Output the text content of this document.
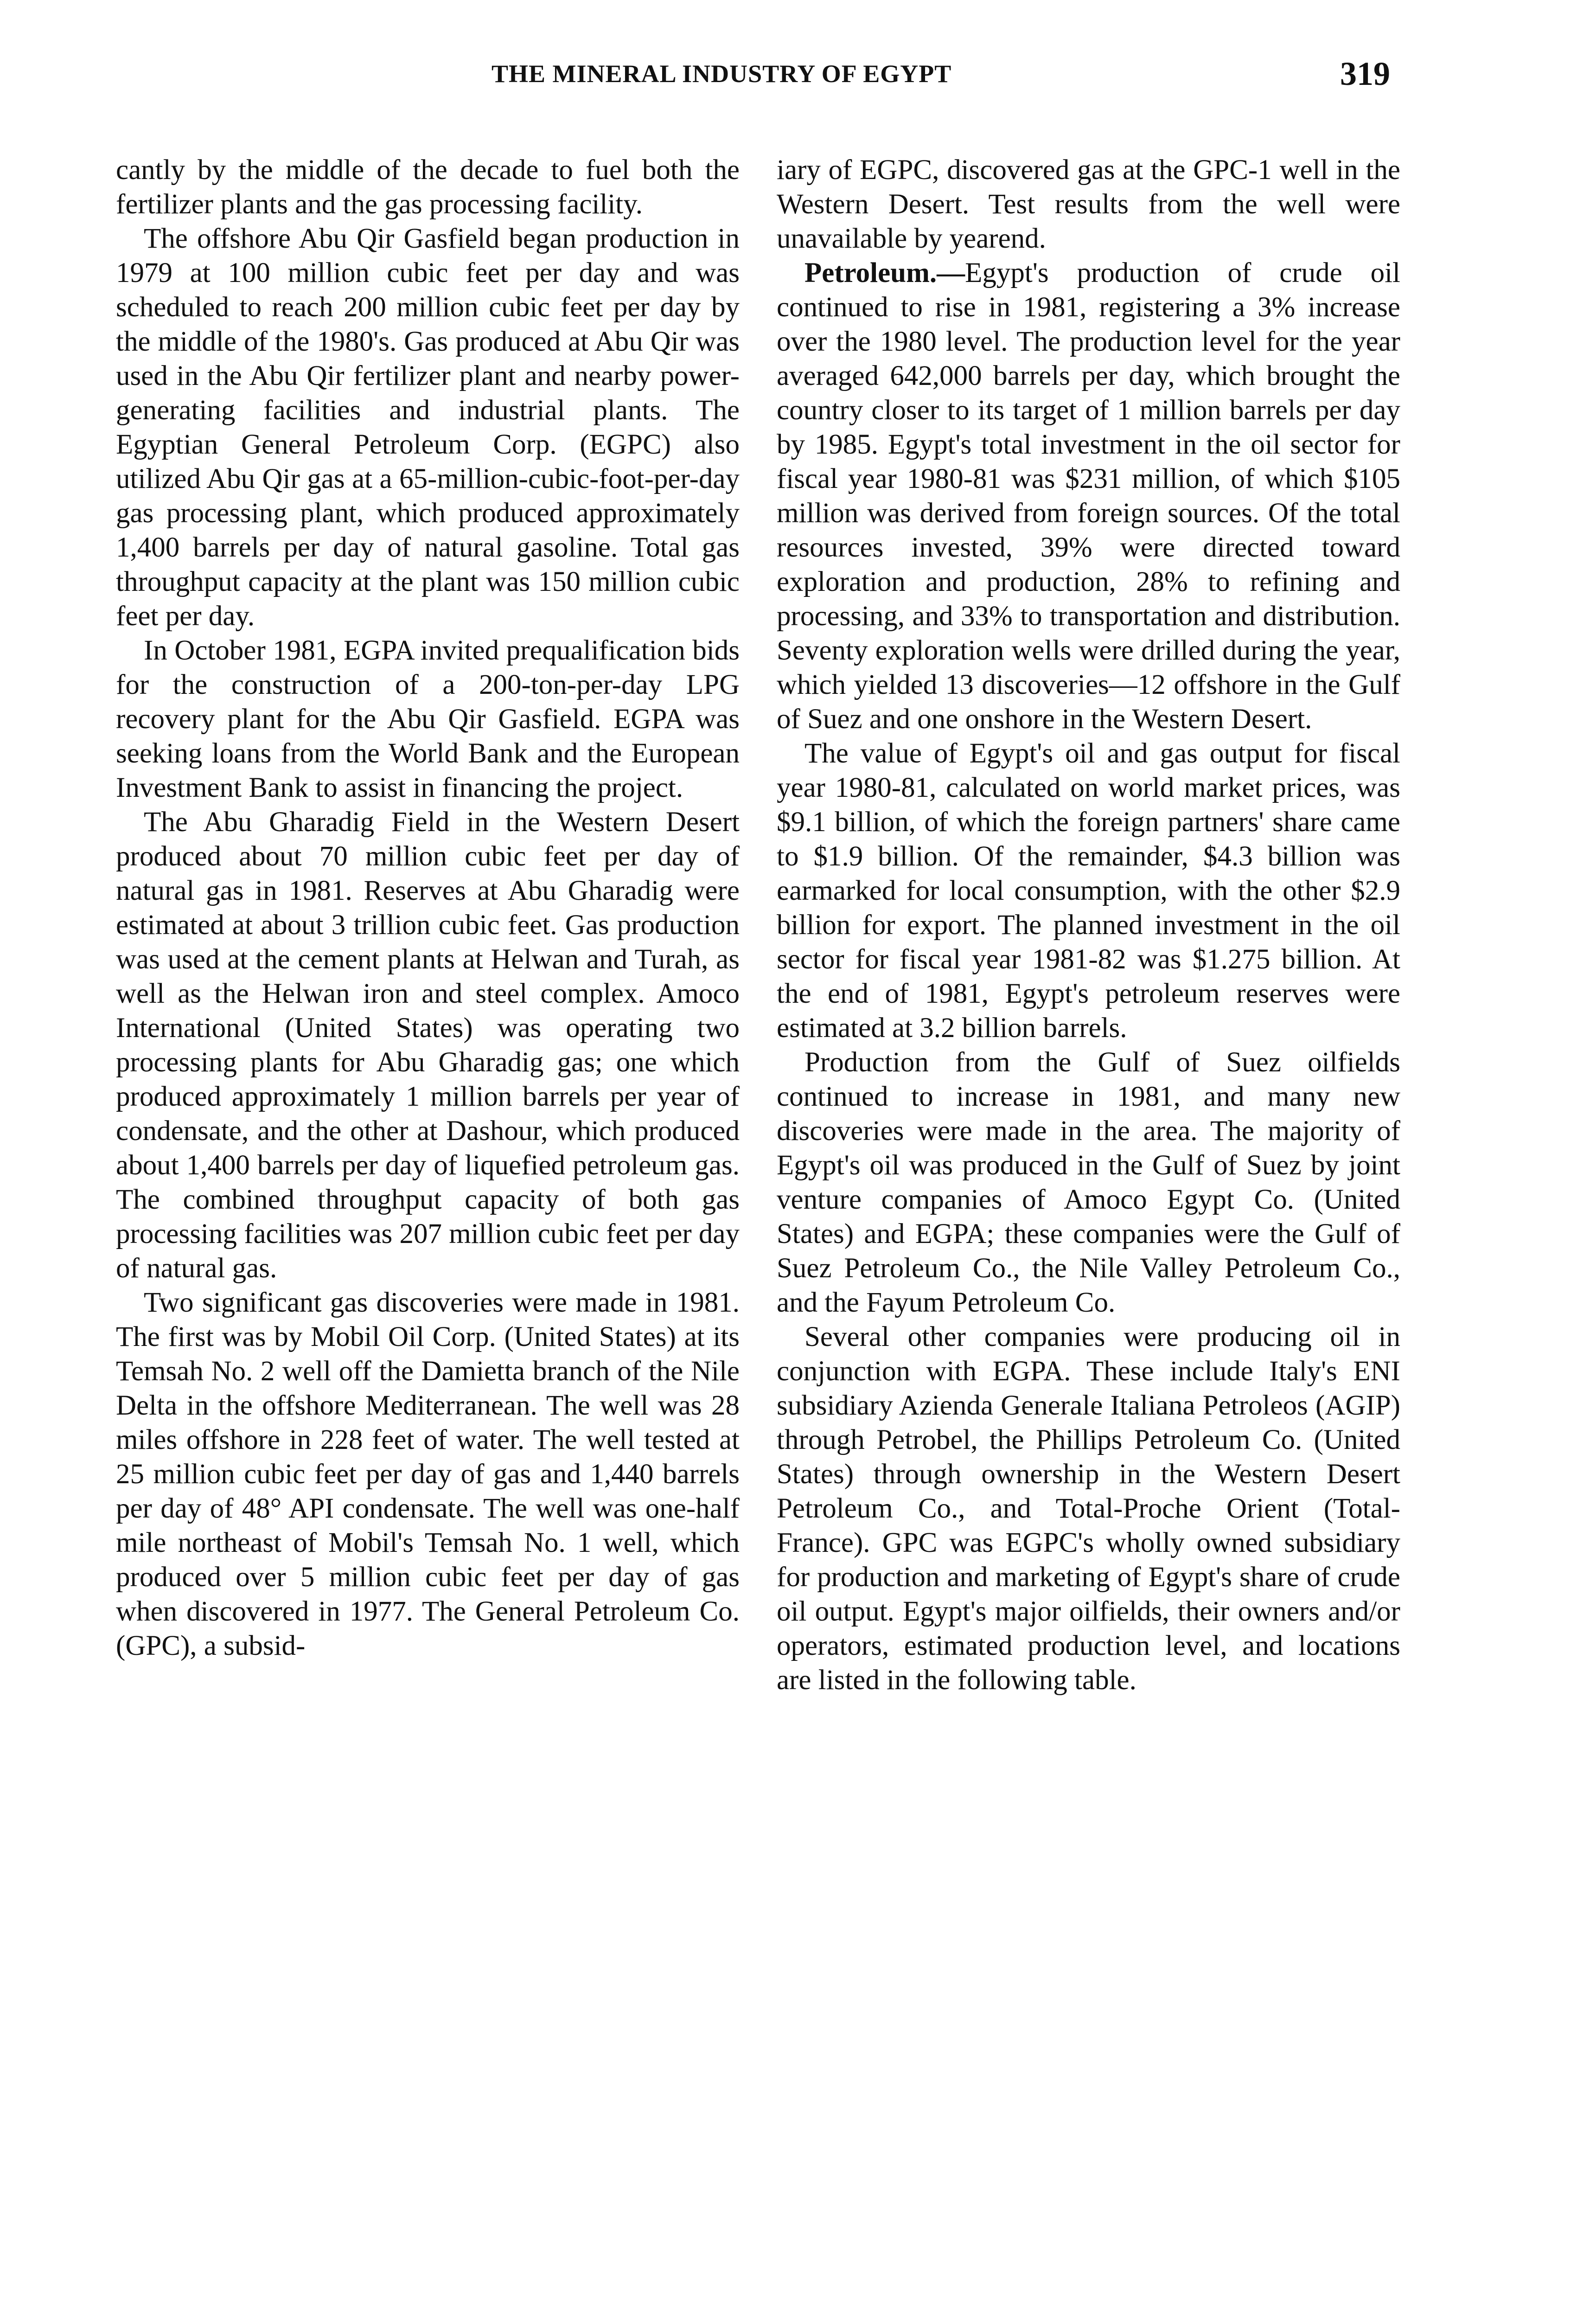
THE MINERAL INDUSTRY OF EGYPT	319

cantly by the middle of the decade to fuel both the fertilizer plants and the gas processing facility.

The offshore Abu Qir Gasfield began production in 1979 at 100 million cubic feet per day and was scheduled to reach 200 million cubic feet per day by the middle of the 1980's. Gas produced at Abu Qir was used in the Abu Qir fertilizer plant and nearby power-generating facilities and industrial plants. The Egyptian General Petroleum Corp. (EGPC) also utilized Abu Qir gas at a 65-million-cubic-foot-per-day gas processing plant, which produced approximately 1,400 barrels per day of natural gasoline. Total gas throughput capacity at the plant was 150 million cubic feet per day.

In October 1981, EGPA invited prequalification bids for the construction of a 200-ton-per-day LPG recovery plant for the Abu Qir Gasfield. EGPA was seeking loans from the World Bank and the European Investment Bank to assist in financing the project.

The Abu Gharadig Field in the Western Desert produced about 70 million cubic feet per day of natural gas in 1981. Reserves at Abu Gharadig were estimated at about 3 trillion cubic feet. Gas production was used at the cement plants at Helwan and Turah, as well as the Helwan iron and steel complex. Amoco International (United States) was operating two processing plants for Abu Gharadig gas; one which produced approximately 1 million barrels per year of condensate, and the other at Dashour, which produced about 1,400 barrels per day of liquefied petroleum gas. The combined throughput capacity of both gas processing facilities was 207 million cubic feet per day of natural gas.

Two significant gas discoveries were made in 1981. The first was by Mobil Oil Corp. (United States) at its Temsah No. 2 well off the Damietta branch of the Nile Delta in the offshore Mediterranean. The well was 28 miles offshore in 228 feet of water. The well tested at 25 million cubic feet per day of gas and 1,440 barrels per day of 48° API condensate. The well was one-half mile northeast of Mobil's Temsah No. 1 well, which produced over 5 million cubic feet per day of gas when discovered in 1977. The General Petroleum Co. (GPC), a subsid-

iary of EGPC, discovered gas at the GPC-1 well in the Western Desert. Test results from the well were unavailable by yearend.

Petroleum.—Egypt's production of crude oil continued to rise in 1981, registering a 3% increase over the 1980 level. The production level for the year averaged 642,000 barrels per day, which brought the country closer to its target of 1 million barrels per day by 1985. Egypt's total investment in the oil sector for fiscal year 1980-81 was $231 million, of which $105 million was derived from foreign sources. Of the total resources invested, 39% were directed toward exploration and production, 28% to refining and processing, and 33% to transportation and distribution. Seventy exploration wells were drilled during the year, which yielded 13 discoveries—12 offshore in the Gulf of Suez and one onshore in the Western Desert.

The value of Egypt's oil and gas output for fiscal year 1980-81, calculated on world market prices, was $9.1 billion, of which the foreign partners' share came to $1.9 billion. Of the remainder, $4.3 billion was earmarked for local consumption, with the other $2.9 billion for export. The planned investment in the oil sector for fiscal year 1981-82 was $1.275 billion. At the end of 1981, Egypt's petroleum reserves were estimated at 3.2 billion barrels.

Production from the Gulf of Suez oilfields continued to increase in 1981, and many new discoveries were made in the area. The majority of Egypt's oil was produced in the Gulf of Suez by joint venture companies of Amoco Egypt Co. (United States) and EGPA; these companies were the Gulf of Suez Petroleum Co., the Nile Valley Petroleum Co., and the Fayum Petroleum Co.

Several other companies were producing oil in conjunction with EGPA. These include Italy's ENI subsidiary Azienda Generale Italiana Petroleos (AGIP) through Petrobel, the Phillips Petroleum Co. (United States) through ownership in the Western Desert Petroleum Co., and Total-Proche Orient (Total-France). GPC was EGPC's wholly owned subsidiary for production and marketing of Egypt's share of crude oil output. Egypt's major oilfields, their owners and/or operators, estimated production level, and locations are listed in the following table.
